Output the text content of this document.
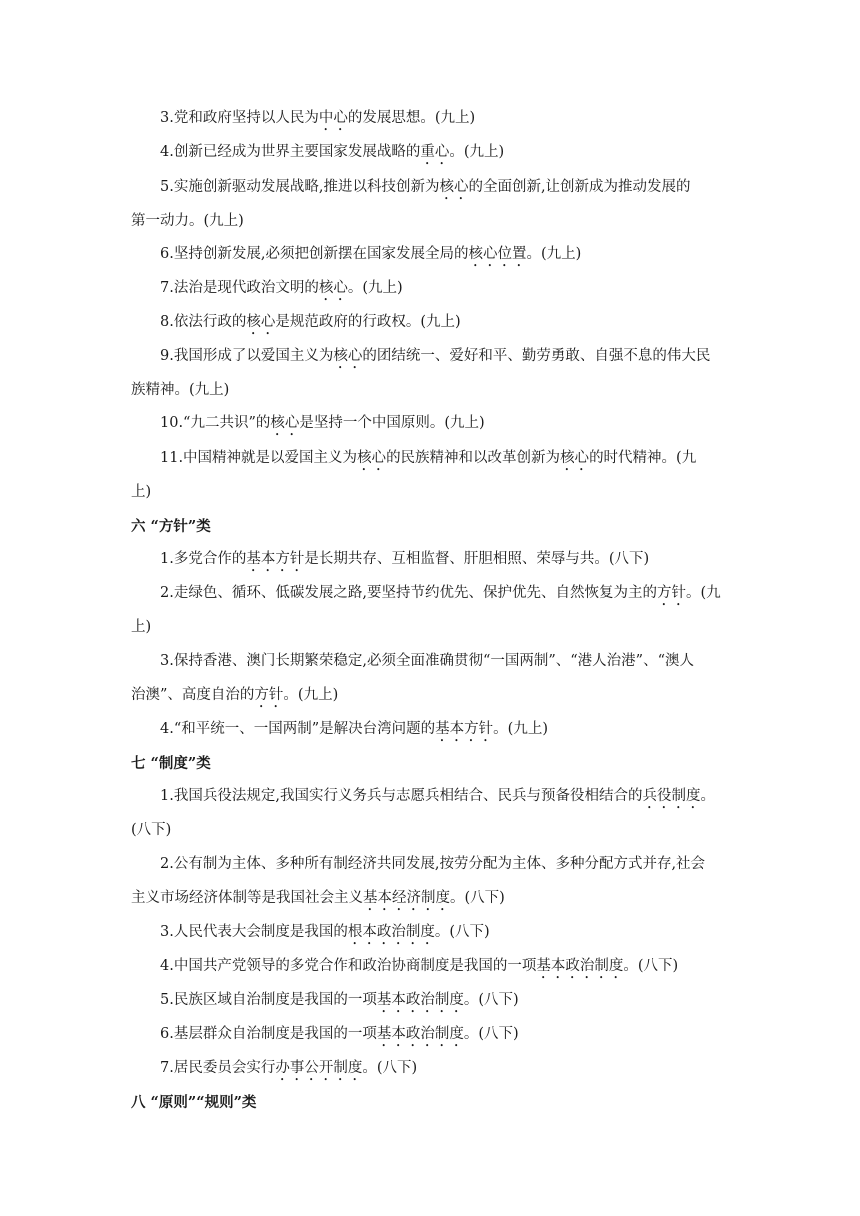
3.党和政府坚持以人民为中心的发展思想。(九上)
4.创新已经成为世界主要国家发展战略的重心。(九上)
5.实施创新驱动发展战略,推进以科技创新为核心的全面创新,让创新成为推动发展的
第一动力。(九上)
6.坚持创新发展,必须把创新摆在国家发展全局的核心位置。(九上)
7.法治是现代政治文明的核心。(九上)
8.依法行政的核心是规范政府的行政权。(九上)
9.我国形成了以爱国主义为核心的团结统一、爱好和平、勤劳勇敢、自强不息的伟大民
族精神。(九上)
10.“九二共识”的核心是坚持一个中国原则。(九上)
11.中国精神就是以爱国主义为核心的民族精神和以改革创新为核心的时代精神。(九
上)
六 “方针”类
1.多党合作的基本方针是长期共存、互相监督、肝胆相照、荣辱与共。(八下)
2.走绿色、循环、低碳发展之路,要坚持节约优先、保护优先、自然恢复为主的方针。(九
上)
3.保持香港、澳门长期繁荣稳定,必须全面准确贯彻“一国两制”、“港人治港”、“澳人
治澳”、高度自治的方针。(九上)
4.“和平统一、一国两制”是解决台湾问题的基本方针。(九上)
七 “制度”类
1.我国兵役法规定,我国实行义务兵与志愿兵相结合、民兵与预备役相结合的兵役制度。
(八下)
2.公有制为主体、多种所有制经济共同发展,按劳分配为主体、多种分配方式并存,社会
主义市场经济体制等是我国社会主义基本经济制度。(八下)
3.人民代表大会制度是我国的根本政治制度。(八下)
4.中国共产党领导的多党合作和政治协商制度是我国的一项基本政治制度。(八下)
5.民族区域自治制度是我国的一项基本政治制度。(八下)
6.基层群众自治制度是我国的一项基本政治制度。(八下)
7.居民委员会实行办事公开制度。(八下)
八 “原则”“规则”类
